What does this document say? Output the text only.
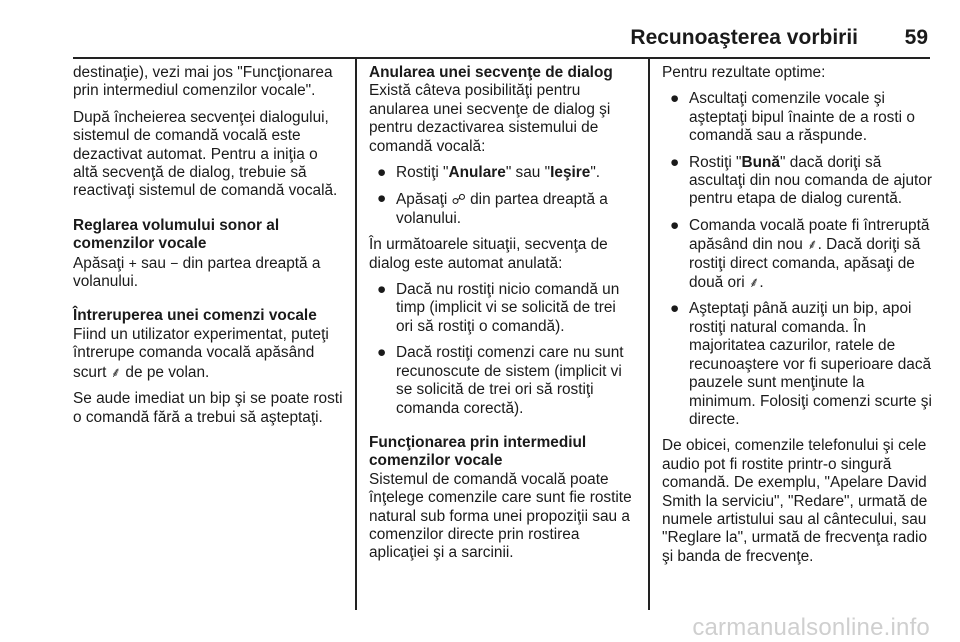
Recunoaşterea vorbirii 59

destinaţie), vezi mai jos "Funcţionarea prin intermediul comenzilor vocale".

După încheierea secvenţei dialogului, sistemul de comandă vocală este dezactivat automat. Pentru a iniţia o altă secvenţă de dialog, trebuie să reactivaţi sistemul de comandă vocală.

Reglarea volumului sonor al comenzilor vocale

Apăsaţi + sau − din partea dreaptă a volanului.

Întreruperea unei comenzi vocale

Fiind un utilizator experimentat, puteţi întrerupe comanda vocală apăsând scurt ⸙ de pe volan.

Se aude imediat un bip şi se poate rosti o comandă fără a trebui să aşteptaţi.

Anularea unei secvenţe de dialog

Există câteva posibilităţi pentru anularea unei secvenţe de dialog şi pentru dezactivarea sistemului de comandă vocală:

● Rostiţi "Anulare" sau "Ieşire".
● Apăsaţi ☍ din partea dreaptă a volanului.

În următoarele situaţii, secvenţa de dialog este automat anulată:

● Dacă nu rostiţi nicio comandă un timp (implicit vi se solicită de trei ori să rostiţi o comandă).
● Dacă rostiţi comenzi care nu sunt recunoscute de sistem (implicit vi se solicită de trei ori să rostiţi comanda corectă).
Funcţionarea prin intermediul comenzilor vocale

Sistemul de comandă vocală poate înţelege comenzile care sunt fie rostite natural sub forma unei propoziţii sau a comenzilor directe prin rostirea aplicaţiei şi a sarcinii.

Pentru rezultate optime:

● Ascultaţi comenzile vocale şi aşteptaţi bipul înainte de a rosti o comandă sau a răspunde.
● Rostiţi "Bună" dacă doriţi să ascultaţi din nou comanda de ajutor pentru etapa de dialog curentă.
● Comanda vocală poate fi întreruptă apăsând din nou ⸙. Dacă doriţi să rostiţi direct comanda, apăsaţi de două ori ⸙.
● Aşteptaţi până auziţi un bip, apoi rostiţi natural comanda. În majoritatea cazurilor, ratele de recunoaştere vor fi superioare dacă pauzele sunt menţinute la minimum. Folosiţi comenzi scurte şi directe.

De obicei, comenzile telefonului şi cele audio pot fi rostite printr-o singură comandă. De exemplu, "Apelare David Smith la serviciu", "Redare", urmată de numele artistului sau al cântecului, sau "Reglare la", urmată de frecvenţa radio şi banda de frecvenţe.

carmanualsonline.info
